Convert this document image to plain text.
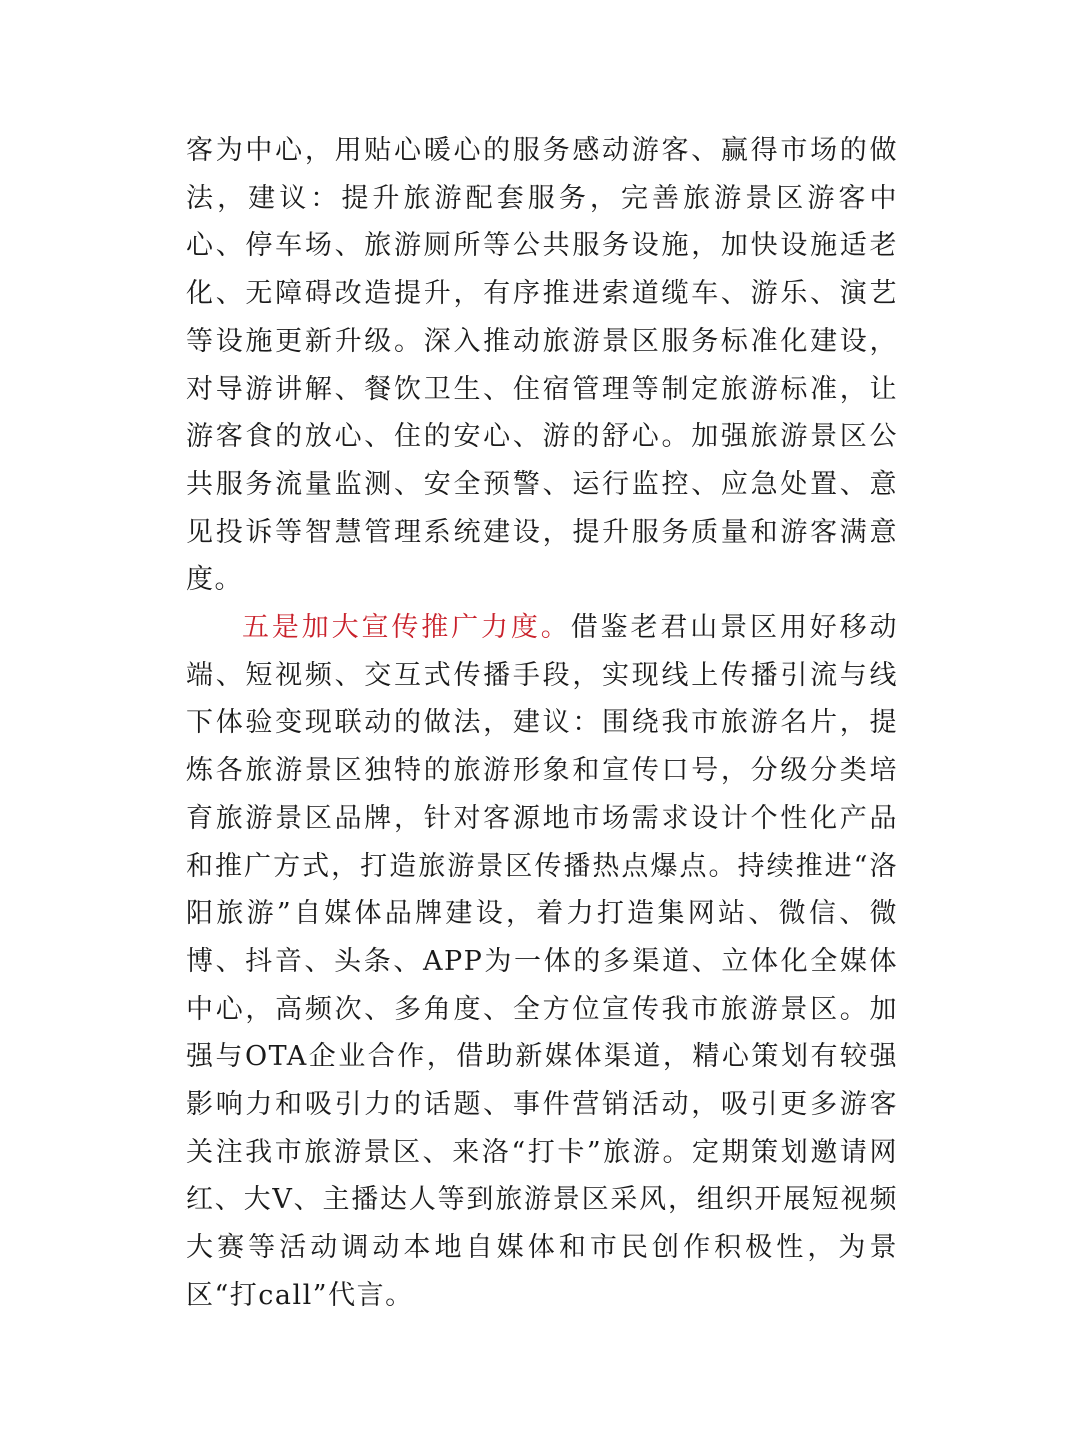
客为中心，用贴心暖心的服务感动游客、赢得市场的做法，建议：提升旅游配套服务，完善旅游景区游客中心、停车场、旅游厕所等公共服务设施，加快设施适老化、无障碍改造提升，有序推进索道缆车、游乐、演艺等设施更新升级。深入推动旅游景区服务标准化建设，对导游讲解、餐饮卫生、住宿管理等制定旅游标准，让游客食的放心、住的安心、游的舒心。加强旅游景区公共服务流量监测、安全预警、运行监控、应急处置、意见投诉等智慧管理系统建设，提升服务质量和游客满意度。

五是加大宣传推广力度。借鉴老君山景区用好移动端、短视频、交互式传播手段，实现线上传播引流与线下体验变现联动的做法，建议：围绕我市旅游名片，提炼各旅游景区独特的旅游形象和宣传口号，分级分类培育旅游景区品牌，针对客源地市场需求设计个性化产品和推广方式，打造旅游景区传播热点爆点。持续推进“洛阳旅游”自媒体品牌建设，着力打造集网站、微信、微博、抖音、头条、APP为一体的多渠道、立体化全媒体中心，高频次、多角度、全方位宣传我市旅游景区。加强与OTA企业合作，借助新媒体渠道，精心策划有较强影响力和吸引力的话题、事件营销活动，吸引更多游客关注我市旅游景区、来洛“打卡”旅游。定期策划邀请网红、大V、主播达人等到旅游景区采风，组织开展短视频大赛等活动调动本地自媒体和市民创作积极性，为景区“打call”代言。
